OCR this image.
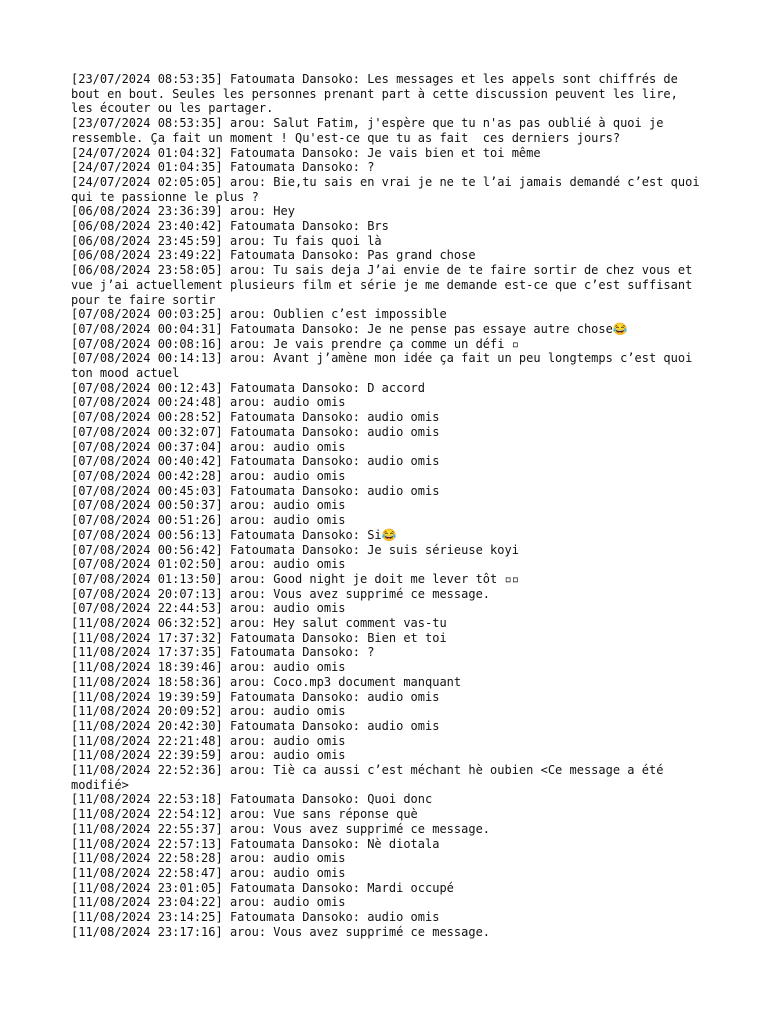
[23/07/2024 08:53:35] Fatoumata Dansoko: Les messages et les appels sont chiffrés de bout en bout. Seules les personnes prenant part à cette discussion peuvent les lire, les écouter ou les partager.
[23/07/2024 08:53:35] arou: Salut Fatim, j'espère que tu n'as pas oublié à quoi je ressemble. Ça fait un moment ! Qu'est-ce que tu as fait  ces derniers jours?
[24/07/2024 01:04:32] Fatoumata Dansoko: Je vais bien et toi même
[24/07/2024 01:04:35] Fatoumata Dansoko: ?
[24/07/2024 02:05:05] arou: Bie,tu sais en vrai je ne te l’ai jamais demandé c’est quoi qui te passionne le plus ?
[06/08/2024 23:36:39] arou: Hey
[06/08/2024 23:40:42] Fatoumata Dansoko: Brs
[06/08/2024 23:45:59] arou: Tu fais quoi là
[06/08/2024 23:49:22] Fatoumata Dansoko: Pas grand chose
[06/08/2024 23:58:05] arou: Tu sais deja J’ai envie de te faire sortir de chez vous et vue j’ai actuellement plusieurs film et série je me demande est-ce que c’est suffisant pour te faire sortir
[07/08/2024 00:03:25] arou: Oublien c’est impossible
[07/08/2024 00:04:31] Fatoumata Dansoko: Je ne pense pas essaye autre chose😂
[07/08/2024 00:08:16] arou: Je vais prendre ça comme un défi ▫
[07/08/2024 00:14:13] arou: Avant j’amène mon idée ça fait un peu longtemps c’est quoi ton mood actuel
[07/08/2024 00:12:43] Fatoumata Dansoko: D accord
[07/08/2024 00:24:48] arou: audio omis
[07/08/2024 00:28:52] Fatoumata Dansoko: audio omis
[07/08/2024 00:32:07] Fatoumata Dansoko: audio omis
[07/08/2024 00:37:04] arou: audio omis
[07/08/2024 00:40:42] Fatoumata Dansoko: audio omis
[07/08/2024 00:42:28] arou: audio omis
[07/08/2024 00:45:03] Fatoumata Dansoko: audio omis
[07/08/2024 00:50:37] arou: audio omis
[07/08/2024 00:51:26] arou: audio omis
[07/08/2024 00:56:13] Fatoumata Dansoko: Si😂
[07/08/2024 00:56:42] Fatoumata Dansoko: Je suis sérieuse koyi
[07/08/2024 01:02:50] arou: audio omis
[07/08/2024 01:13:50] arou: Good night je doit me lever tôt ▫▫
[07/08/2024 20:07:13] arou: Vous avez supprimé ce message.
[07/08/2024 22:44:53] arou: audio omis
[11/08/2024 06:32:52] arou: Hey salut comment vas-tu
[11/08/2024 17:37:32] Fatoumata Dansoko: Bien et toi
[11/08/2024 17:37:35] Fatoumata Dansoko: ?
[11/08/2024 18:39:46] arou: audio omis
[11/08/2024 18:58:36] arou: Coco.mp3 document manquant
[11/08/2024 19:39:59] Fatoumata Dansoko: audio omis
[11/08/2024 20:09:52] arou: audio omis
[11/08/2024 20:42:30] Fatoumata Dansoko: audio omis
[11/08/2024 22:21:48] arou: audio omis
[11/08/2024 22:39:59] arou: audio omis
[11/08/2024 22:52:36] arou: Tiè ca aussi c’est méchant hè oubien <Ce message a été modifié>
[11/08/2024 22:53:18] Fatoumata Dansoko: Quoi donc
[11/08/2024 22:54:12] arou: Vue sans réponse què
[11/08/2024 22:55:37] arou: Vous avez supprimé ce message.
[11/08/2024 22:57:13] Fatoumata Dansoko: Nè diotala
[11/08/2024 22:58:28] arou: audio omis
[11/08/2024 22:58:47] arou: audio omis
[11/08/2024 23:01:05] Fatoumata Dansoko: Mardi occupé
[11/08/2024 23:04:22] arou: audio omis
[11/08/2024 23:14:25] Fatoumata Dansoko: audio omis
[11/08/2024 23:17:16] arou: Vous avez supprimé ce message.
